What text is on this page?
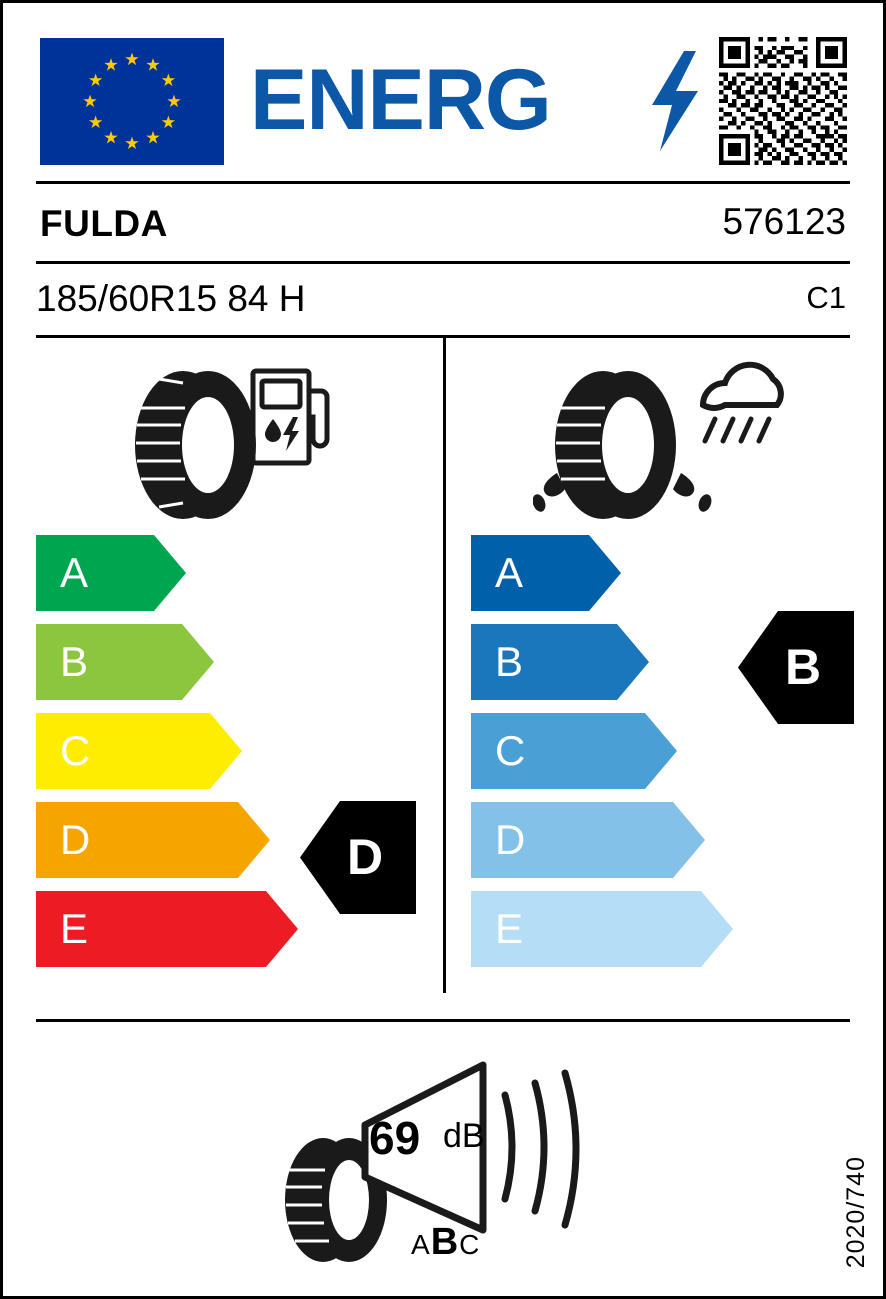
ENERG
FULDA	576123
185/60R15 84 H	C1
A
B
C
D
E
D
A
B
C
D
E
B
69 dB
ABC	2020/740
